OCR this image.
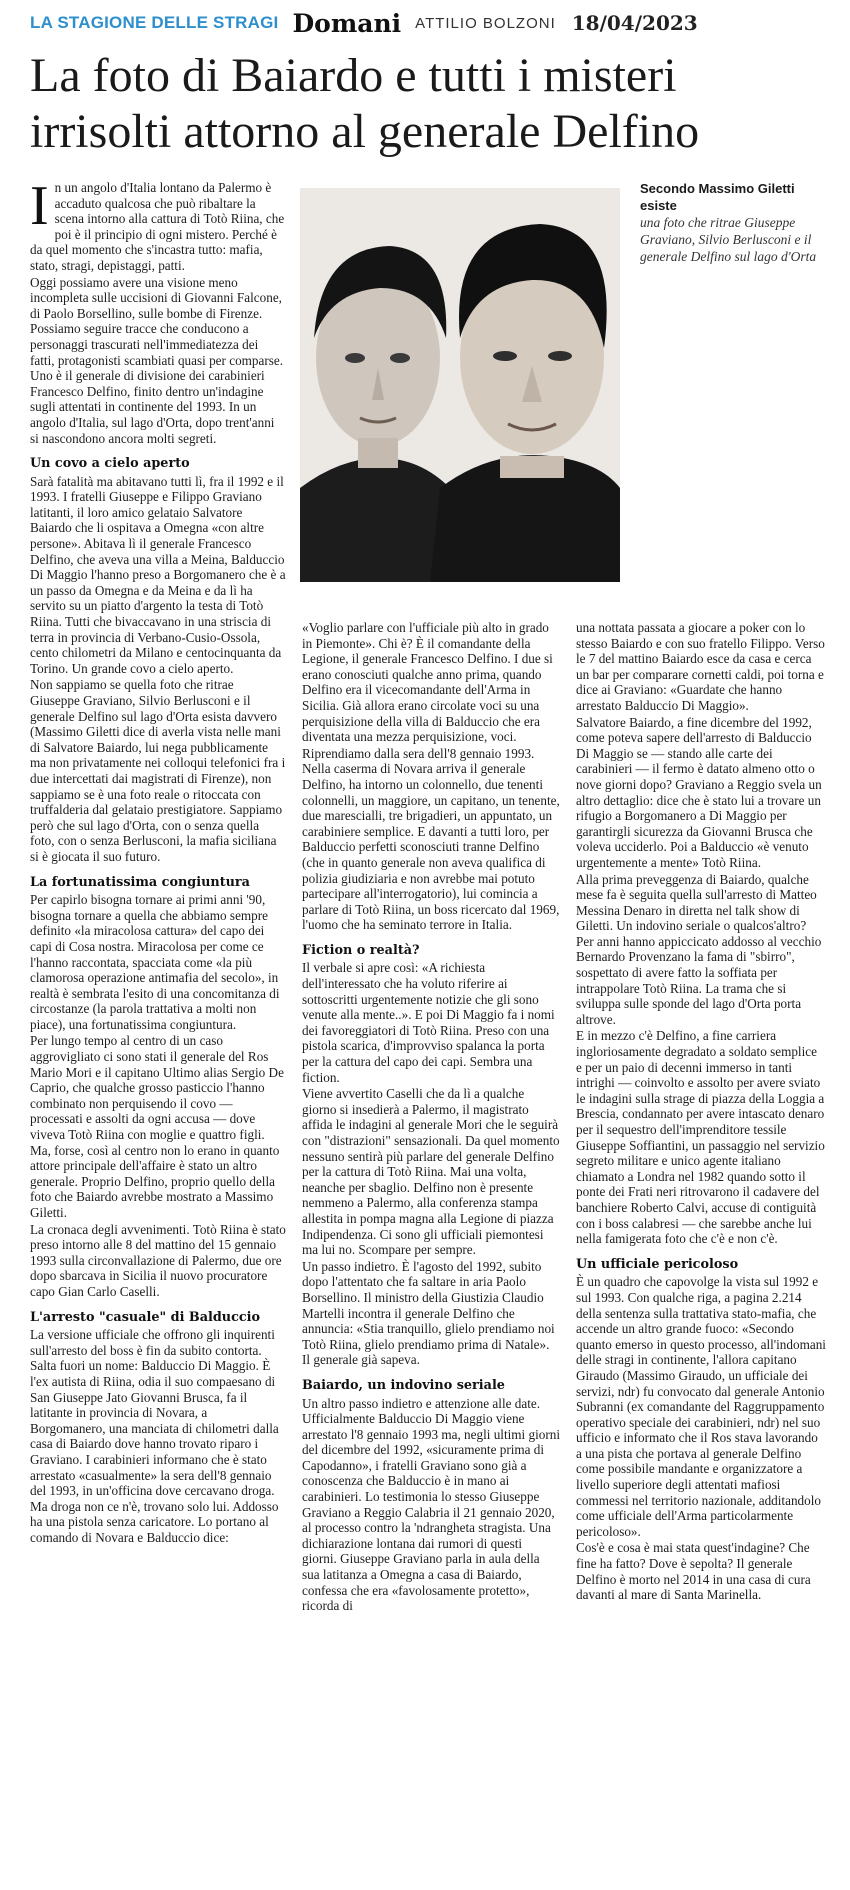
LA STAGIONE DELLE STRAGI Domani ATTILIO BOLZONI 18/04/2023
La foto di Baiardo e tutti i misteri
irrisolti attorno al generale Delfino
Secondo Massimo Giletti esiste
una foto che ritrae Giuseppe Graviano, Silvio Berlusconi e il generale Delfino sul lago d'Orta

In un angolo d'Italia lontano da Palermo è accaduto qualcosa che può ribaltare la scena intorno alla cattura di Totò Riina, che poi è il principio di ogni mistero. Perché è da quel momento che s'incastra tutto: mafia, stato, stragi, depistaggi, patti.

Oggi possiamo avere una visione meno incompleta sulle uccisioni di Giovanni Falcone, di Paolo Borsellino, sulle bombe di Firenze. Possiamo seguire tracce che conducono a personaggi trascurati nell'immediatezza dei fatti, protagonisti scambiati quasi per comparse. Uno è il generale di divisione dei carabinieri Francesco Delfino, finito dentro un'indagine sugli attentati in continente del 1993. In un angolo d'Italia, sul lago d'Orta, dopo trent'anni si nascondono ancora molti segreti.

Un covo a cielo aperto

Sarà fatalità ma abitavano tutti lì, fra il 1992 e il 1993. I fratelli Giuseppe e Filippo Graviano latitanti, il loro amico gelataio Salvatore Baiardo che li ospitava a Omegna «con altre persone». Abitava lì il generale Francesco Delfino, che aveva una villa a Meina, Balduccio Di Maggio l'hanno preso a Borgomanero che è a un passo da Omegna e da Meina e da lì ha servito su un piatto d'argento la testa di Totò Riina. Tutti che bivaccavano in una striscia di terra in provincia di Verbano-Cusio-Ossola, cento chilometri da Milano e centocinquanta da Torino. Un grande covo a cielo aperto.

Non sappiamo se quella foto che ritrae Giuseppe Graviano, Silvio Berlusconi e il generale Delfino sul lago d'Orta esista davvero (Massimo Giletti dice di averla vista nelle mani di Salvatore Baiardo, lui nega pubblicamente ma non privatamente nei colloqui telefonici fra i due intercettati dai magistrati di Firenze), non sappiamo se è una foto reale o ritoccata con truffalderia dal gelataio prestigiatore. Sappiamo però che sul lago d'Orta, con o senza quella foto, con o senza Berlusconi, la mafia siciliana si è giocata il suo futuro.

La fortunatissima congiuntura

Per capirlo bisogna tornare ai primi anni '90, bisogna tornare a quella che abbiamo sempre definito «la miracolosa cattura» del capo dei capi di Cosa nostra. Miracolosa per come ce l'hanno raccontata, spacciata come «la più clamorosa operazione antimafia del secolo», in realtà è sembrata l'esito di una concomitanza di circostanze (la parola trattativa a molti non piace), una fortunatissima congiuntura.

Per lungo tempo al centro di un caso aggrovigliato ci sono stati il generale del Ros Mario Mori e il capitano Ultimo alias Sergio De Caprio, che qualche grosso pasticcio l'hanno combinato non perquisendo il covo — processati e assolti da ogni accusa — dove viveva Totò Riina con moglie e quattro figli. Ma, forse, così al centro non lo erano in quanto attore principale dell'affaire è stato un altro generale. Proprio Delfino, proprio quello della foto che Baiardo avrebbe mostrato a Massimo Giletti.

La cronaca degli avvenimenti. Totò Riina è stato preso intorno alle 8 del mattino del 15 gennaio 1993 sulla circonvallazione di Palermo, due ore dopo sbarcava in Sicilia il nuovo procuratore capo Gian Carlo Caselli.

L'arresto "casuale" di Balduccio

La versione ufficiale che offrono gli inquirenti sull'arresto del boss è fin da subito contorta. Salta fuori un nome: Balduccio Di Maggio. È l'ex autista di Riina, odia il suo compaesano di San Giuseppe Jato Giovanni Brusca, fa il latitante in provincia di Novara, a Borgomanero, una manciata di chilometri dalla casa di Baiardo dove hanno trovato riparo i Graviano. I carabinieri informano che è stato arrestato «casualmente» la sera dell'8 gennaio del 1993, in un'officina dove cercavano droga. Ma droga non ce n'è, trovano solo lui. Addosso ha una pistola senza caricatore. Lo portano al comando di Novara e Balduccio dice:

«Voglio parlare con l'ufficiale più alto in grado in Piemonte». Chi è? È il comandante della Legione, il generale Francesco Delfino. I due si erano conosciuti qualche anno prima, quando Delfino era il vicecomandante dell'Arma in Sicilia. Già allora erano circolate voci su una perquisizione della villa di Balduccio che era diventata una mezza perquisizione, voci.

Riprendiamo dalla sera dell'8 gennaio 1993. Nella caserma di Novara arriva il generale Delfino, ha intorno un colonnello, due tenenti colonnelli, un maggiore, un capitano, un tenente, due marescialli, tre brigadieri, un appuntato, un carabiniere semplice. E davanti a tutti loro, per Balduccio perfetti sconosciuti tranne Delfino (che in quanto generale non aveva qualifica di polizia giudiziaria e non avrebbe mai potuto partecipare all'interrogatorio), lui comincia a parlare di Totò Riina, un boss ricercato dal 1969, l'uomo che ha seminato terrore in Italia.

Fiction o realtà?

Il verbale si apre così: «A richiesta dell'interessato che ha voluto riferire ai sottoscritti urgentemente notizie che gli sono venute alla mente..». E poi Di Maggio fa i nomi dei favoreggiatori di Totò Riina. Preso con una pistola scarica, d'improvviso spalanca la porta per la cattura del capo dei capi. Sembra una fiction.

Viene avvertito Caselli che da lì a qualche giorno si insedierà a Palermo, il magistrato affida le indagini al generale Mori che le seguirà con "distrazioni" sensazionali. Da quel momento nessuno sentirà più parlare del generale Delfino per la cattura di Totò Riina. Mai una volta, neanche per sbaglio. Delfino non è presente nemmeno a Palermo, alla conferenza stampa allestita in pompa magna alla Legione di piazza Indipendenza. Ci sono gli ufficiali piemontesi ma lui no. Scompare per sempre.

Un passo indietro. È l'agosto del 1992, subito dopo l'attentato che fa saltare in aria Paolo Borsellino. Il ministro della Giustizia Claudio Martelli incontra il generale Delfino che annuncia: «Stia tranquillo, glielo prendiamo noi Totò Riina, glielo prendiamo prima di Natale». Il generale già sapeva.

Baiardo, un indovino seriale

Un altro passo indietro e attenzione alle date. Ufficialmente Balduccio Di Maggio viene arrestato l'8 gennaio 1993 ma, negli ultimi giorni del dicembre del 1992, «sicuramente prima di Capodanno», i fratelli Graviano sono già a conoscenza che Balduccio è in mano ai carabinieri. Lo testimonia lo stesso Giuseppe Graviano a Reggio Calabria il 21 gennaio 2020, al processo contro la 'ndrangheta stragista. Una dichiarazione lontana dai rumori di questi giorni. Giuseppe Graviano parla in aula della sua latitanza a Omegna a casa di Baiardo, confessa che era «favolosamente protetto», ricorda di

una nottata passata a giocare a poker con lo stesso Baiardo e con suo fratello Filippo. Verso le 7 del mattino Baiardo esce da casa e cerca un bar per comparare cornetti caldi, poi torna e dice ai Graviano: «Guardate che hanno arrestato Balduccio Di Maggio».

Salvatore Baiardo, a fine dicembre del 1992, come poteva sapere dell'arresto di Balduccio Di Maggio se — stando alle carte dei carabinieri — il fermo è datato almeno otto o nove giorni dopo? Graviano a Reggio svela un altro dettaglio: dice che è stato lui a trovare un rifugio a Borgomanero a Di Maggio per garantirgli sicurezza da Giovanni Brusca che voleva ucciderlo. Poi a Balduccio «è venuto urgentemente a mente» Totò Riina.

Alla prima preveggenza di Baiardo, qualche mese fa è seguita quella sull'arresto di Matteo Messina Denaro in diretta nel talk show di Giletti. Un indovino seriale o qualcos'altro? Per anni hanno appiccicato addosso al vecchio Bernardo Provenzano la fama di "sbirro", sospettato di avere fatto la soffiata per intrappolare Totò Riina. La trama che si sviluppa sulle sponde del lago d'Orta porta altrove.

E in mezzo c'è Delfino, a fine carriera ingloriosamente degradato a soldato semplice e per un paio di decenni immerso in tanti intrighi — coinvolto e assolto per avere sviato le indagini sulla strage di piazza della Loggia a Brescia, condannato per avere intascato denaro per il sequestro dell'imprenditore tessile Giuseppe Soffiantini, un passaggio nel servizio segreto militare e unico agente italiano chiamato a Londra nel 1982 quando sotto il ponte dei Frati neri ritrovarono il cadavere del banchiere Roberto Calvi, accuse di contiguità con i boss calabresi — che sarebbe anche lui nella famigerata foto che c'è e non c'è.

Un ufficiale pericoloso

È un quadro che capovolge la vista sul 1992 e sul 1993. Con qualche riga, a pagina 2.214 della sentenza sulla trattativa stato-mafia, che accende un altro grande fuoco: «Secondo quanto emerso in questo processo, all'indomani delle stragi in continente, l'allora capitano Giraudo (Massimo Giraudo, un ufficiale dei servizi, ndr) fu convocato dal generale Antonio Subranni (ex comandante del Raggruppamento operativo speciale dei carabinieri, ndr) nel suo ufficio e informato che il Ros stava lavorando a una pista che portava al generale Delfino come possibile mandante e organizzatore a livello superiore degli attentati mafiosi commessi nel territorio nazionale, additandolo come ufficiale dell'Arma particolarmente pericoloso».

Cos'è e cosa è mai stata quest'indagine? Che fine ha fatto? Dove è sepolta? Il generale Delfino è morto nel 2014 in una casa di cura davanti al mare di Santa Marinella.
